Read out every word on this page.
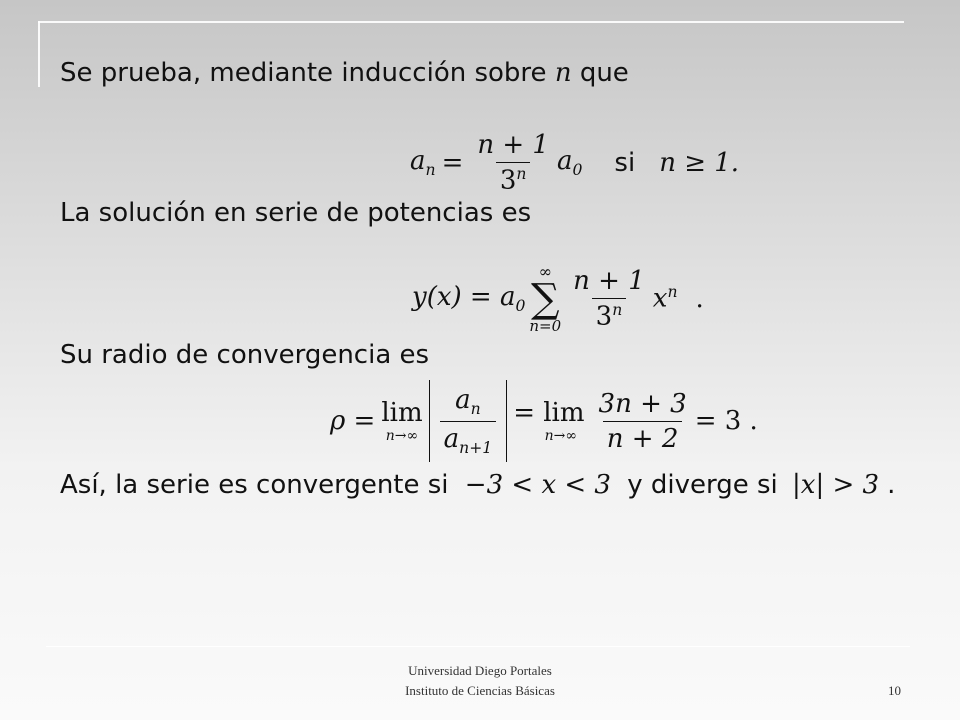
Se prueba, mediante inducción sobre n que
$a_n = \frac{n + 1}{3^n} a_0$ si n ≥ 1.
La solución en serie de potencias es
$y(x) = a_0$
∞
∑
$n=0 \frac{n + 1}{3^n} x^n$ .
Su radio de convergencia es
ρ = lim
$n\to\infty \frac{a_n}{a_{n+1}} = \lim$
$n\to\infty \frac{3n + 3}{n + 2} = 3$ .
Así, la serie es convergente si −3 < x < 3 y diverge si |x| > 3 .
Universidad Diego Portales
Instituto de Ciencias Básicas	10
